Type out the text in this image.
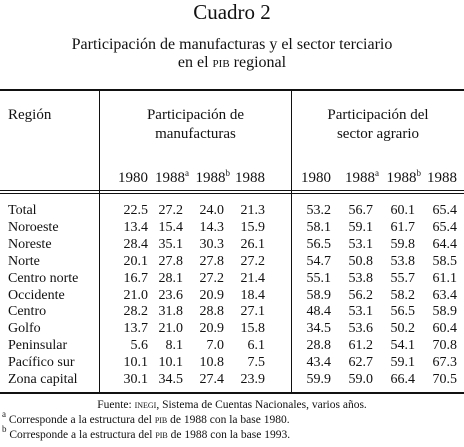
Cuadro 2
Participación de manufacturas y el sector terciario
en el pib regional
Región	Participación de
manufacturas
Participación del
sector agrario
1980 1988$^a$ 1988$^b$ 1988	1980 1988$^a$ 1988$^b$ 1988
Total	22.5 27.2	24.0	21.3	53.2	56.7	60.1	65.4
Noroeste	13.4 15.4	14.3	15.9	58.1	59.1	61.7	65.4
Noreste	28.4 35.1	30.3	26.1	56.5	53.1	59.8	64.4
Norte	20.1 27.8	27.8	27.2	54.7	50.8	53.8	58.5
Centro norte	16.7 28.1	27.2	21.4	55.1	53.8	55.7	61.1
Occidente	21.0 23.6	20.9	18.4	58.9	56.2	58.2	63.4
Centro	28.2 31.8	28.8	27.1	48.4	53.1	56.5	58.9
Golfo	13.7 21.0	20.9	15.8	34.5	53.6	50.2	60.4
Peninsular	5.6	8.1	7.0	6.1	28.8	61.2	54.1	70.8
Pacífico sur	10.1 10.1	10.8	7.5	43.4	62.7	59.1	67.3
Zona capital	30.1 34.5	27.4	23.9	59.9	59.0	66.4	70.5
Fuente: inegi, Sistema de Cuentas Nacionales, varios años.
$^a$ Corresponde a la estructura del pib de 1988 con la base 1980.
$^b$ Corresponde a la estructura del pib de 1988 con la base 1993.
